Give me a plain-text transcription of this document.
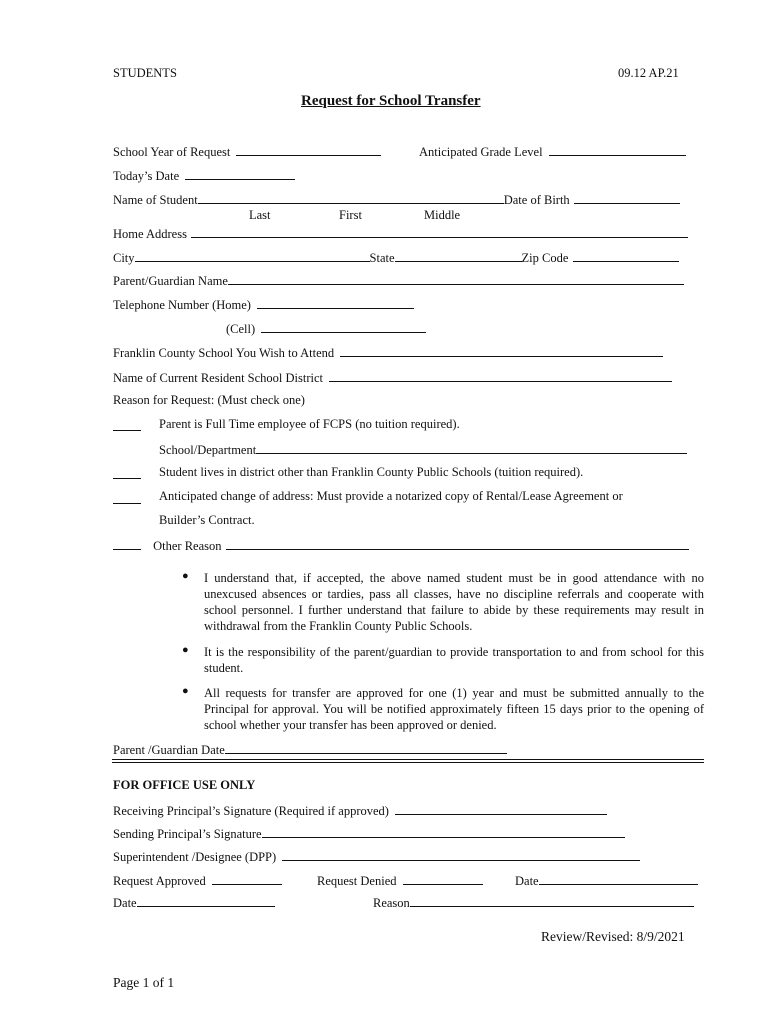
STUDENTS	09.12 AP.21
Request for School Transfer
School Year of Request	Anticipated Grade Level
Today’s Date
Name of Student	Date of Birth
Last	First	Middle
Home Address
City	State	Zip Code
Parent/Guardian Name
Telephone Number (Home)
(Cell)
Franklin County School You Wish to Attend
Name of Current Resident School District
Reason for Request: (Must check one)
Parent is Full Time employee of FCPS (no tuition required).
School/Department
Student lives in district other than Franklin County Public Schools (tuition required).
Anticipated change of address: Must provide a notarized copy of Rental/Lease Agreement or
Builder’s Contract.
Other Reason
● I understand that, if accepted, the above named student must be in good attendance with no unexcused absences or tardies, pass all classes, have no discipline referrals and cooperate with school personnel. I further understand that failure to abide by these requirements may result in withdrawal from the Franklin County Public Schools.
● It is the responsibility of the parent/guardian to provide transportation to and from school for this student.
● All requests for transfer are approved for one (1) year and must be submitted annually to the Principal for approval. You will be notified approximately fifteen 15 days prior to the opening of school whether your transfer has been approved or denied.
Parent /Guardian Date
FOR OFFICE USE ONLY
Receiving Principal’s Signature (Required if approved)
Sending Principal’s Signature
Superintendent /Designee (DPP)
Request Approved	Request Denied	Date
Date	Reason
Review/Revised: 8/9/2021
Page 1 of 1
